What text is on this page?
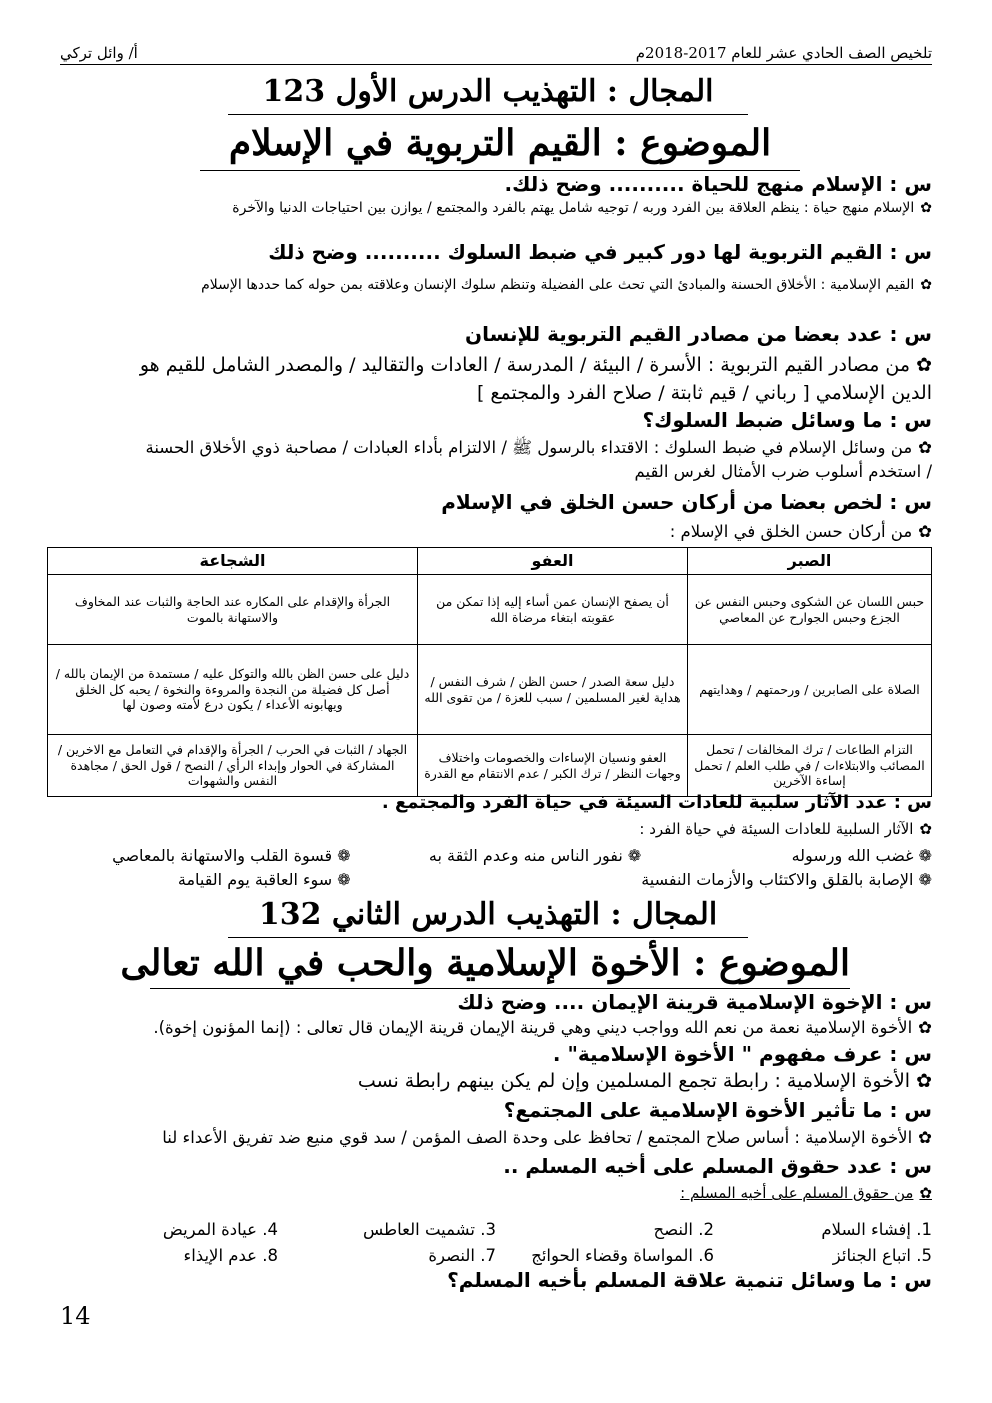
تلخيص الصف الحادي عشر للعام 2017-2018م
أ/ وائل تركي
المجال : التهذيب الدرس الأول 123
الموضوع : القيم التربوية في الإسلام
س : الإسلام منهج للحياة .......... وضح ذلك.
✿الإسلام منهج حياة : ينظم العلاقة بين الفرد وربه / توجيه شامل يهتم بالفرد والمجتمع / يوازن بين احتياجات الدنيا والآخرة
س : القيم التربوية لها دور كبير في ضبط السلوك .......... وضح ذلك
✿القيم الإسلامية : الأخلاق الحسنة والمبادئ التي تحث على الفضيلة وتنظم سلوك الإنسان وعلاقته بمن حوله كما حددها الإسلام
س : عدد بعضا من مصادر القيم التربوية للإنسان
✿من مصادر القيم التربوية : الأسرة / البيئة / المدرسة / العادات والتقاليد / والمصدر الشامل للقيم هو
الدين الإسلامي [ رباني / قيم ثابتة / صلاح الفرد والمجتمع ]
س : ما وسائل ضبط السلوك؟
✿من وسائل الإسلام في ضبط السلوك : الاقتداء بالرسول ﷺ / الالتزام بأداء العبادات / مصاحبة ذوي الأخلاق الحسنة
/ استخدم أسلوب ضرب الأمثال لغرس القيم
س : لخص بعضا من أركان حسن الخلق في الإسلام
✿من أركان حسن الخلق في الإسلام :
الصبر	العفو	الشجاعة
حبس اللسان عن الشكوى وحبس النفس عن الجزع وحبس الجوارح عن المعاصي	أن يصفح الإنسان عمن أساء إليه إذا تمكن من عقوبته ابتغاء مرضاة الله	الجرأة والإقدام على المكاره عند الحاجة والثبات عند المخاوف والاستهانة بالموت
الصلاة على الصابرين / ورحمتهم / وهدايتهم	دليل سعة الصدر / حسن الظن / شرف النفس / هداية لغير المسلمين / سبب للعزة / من تقوى الله	دليل على حسن الظن بالله والتوكل عليه / مستمدة من الإيمان بالله / أصل كل فضيلة من النجدة والمروءة والنخوة / يحبه كل الخلق ويهابونه الأعداء / يكون درع لأمته وصون لها
التزام الطاعات / ترك المخالفات / تحمل المصائب والابتلاءات / في طلب العلم / تحمل إساءة الآخرين	العفو ونسيان الإساءات والخصومات واختلاف وجهات النظر / ترك الكبر / عدم الانتقام مع القدرة	الجهاد / الثبات في الحرب / الجرأة والإقدام في التعامل مع الاخرين / المشاركة في الحوار وإبداء الرأي / النصح / قول الحق / مجاهدة النفس والشهوات
س : عدد الآثار سلبية للعادات السيئة في حياة الفرد والمجتمع .
✿الآثار السلبية للعادات السيئة في حياة الفرد :
❁ غضب الله ورسوله
❁ نفور الناس منه وعدم الثقة به
❁ قسوة القلب والاستهانة بالمعاصي
❁ الإصابة بالقلق والاكتئاب والأزمات النفسية
❁ سوء العاقبة يوم القيامة
المجال : التهذيب الدرس الثاني 132
الموضوع : الأخوة الإسلامية والحب في الله تعالى
س : الإخوة الإسلامية قرينة الإيمان .... وضح ذلك
✿الأخوة الإسلامية نعمة من نعم الله وواجب ديني وهي قرينة الإيمان قرينة الإيمان قال تعالى : (إنما المؤنون إخوة).
س : عرف مفهوم " الأخوة الإسلامية" .
✿الأخوة الإسلامية : رابطة تجمع المسلمين وإن لم يكن بينهم رابطة نسب
س : ما تأثير الأخوة الإسلامية على المجتمع؟
✿الأخوة الإسلامية : أساس صلاح المجتمع / تحافظ على وحدة الصف المؤمن / سد قوي منيع ضد تفريق الأعداء لنا
س : عدد حقوق المسلم على أخيه المسلم ..
✿من حقوق المسلم على أخيه المسلم :
1. إفشاء السلام
2. النصح
3. تشميت العاطس
4. عيادة المريض
5. اتباع الجنائز
6. المواساة وقضاء الحوائج
7. النصرة
8. عدم الإيذاء
س : ما وسائل تنمية علاقة المسلم بأخيه المسلم؟
14
